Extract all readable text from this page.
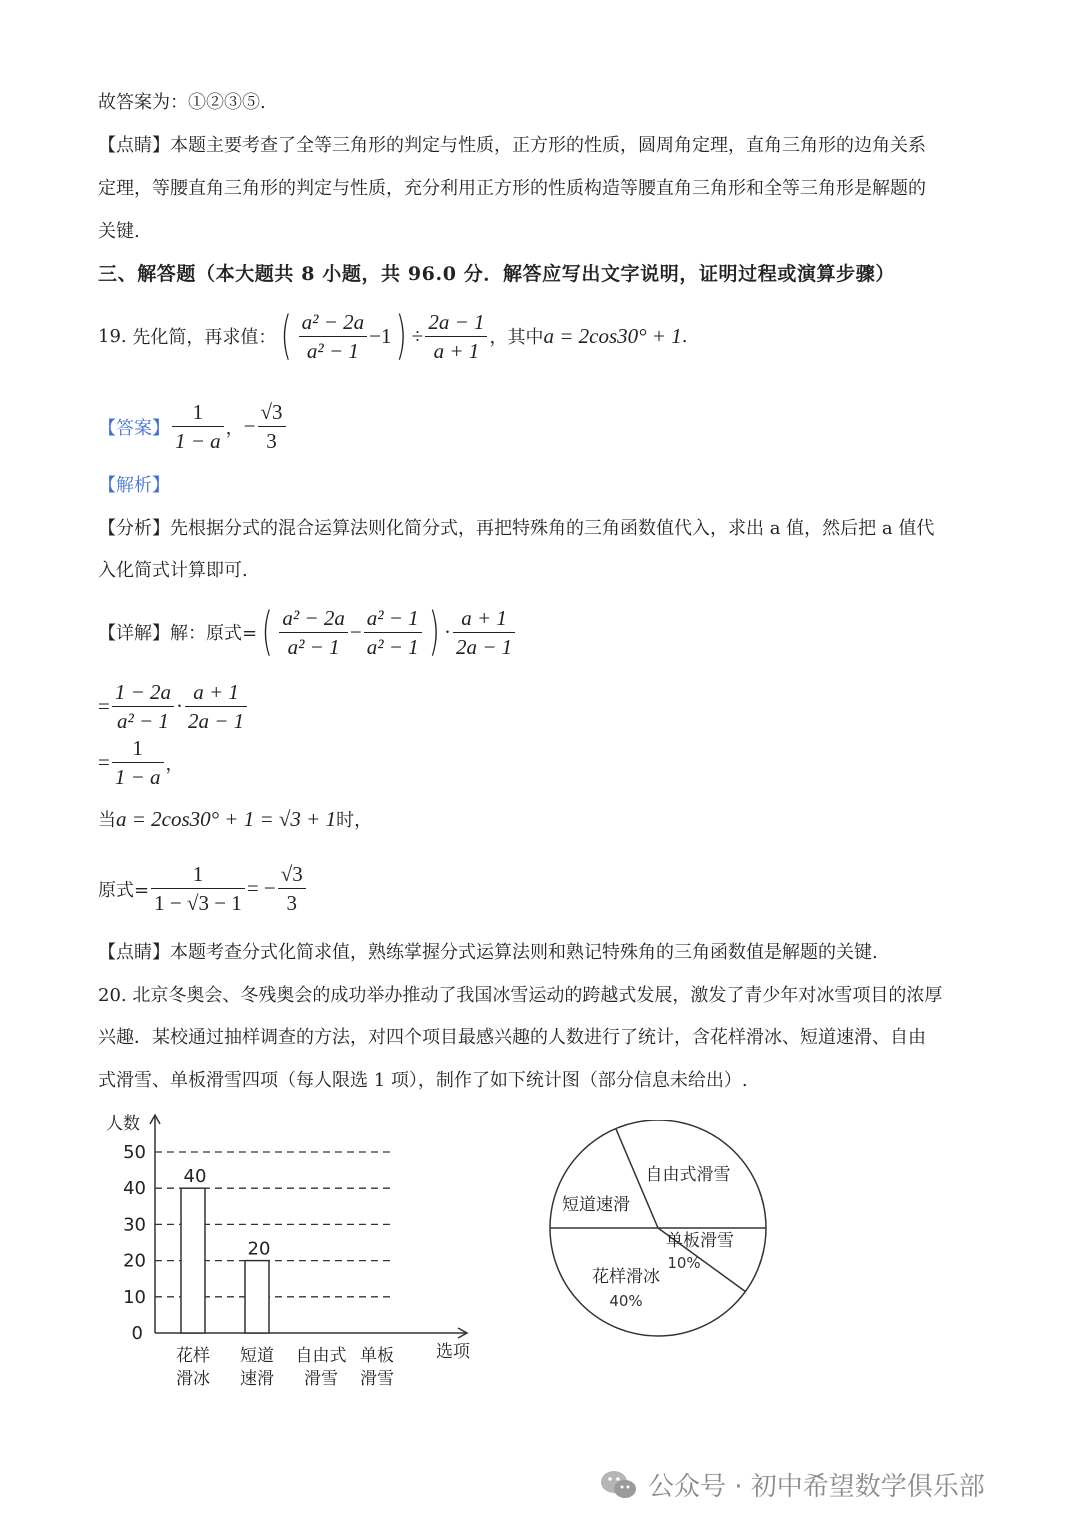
故答案为：①②③⑤.
【点睛】本题主要考查了全等三角形的判定与性质，正方形的性质，圆周角定理，直角三角形的边角关系
定理，等腰直角三角形的判定与性质，充分利用正方形的性质构造等腰直角三角形和全等三角形是解题的
关键.
三、解答题（本大题共 8 小题，共 96.0 分．解答应写出文字说明，证明过程或演算步骤）
19.
先化简，再求值： ( $\frac{\text{a² − 2a}}{\text{a² − 1}} -1$ ) ÷ $\frac{2a - 1}{a + 1}$ ，其中 a = 2cos30° + 1 .
【答案】 $\frac{1}{1 - a}$ ， − $\frac{√3}{3}$
【解析】
【分析】先根据分式的混合运算法则化简分式，再把特殊角的三角函数值代入，求出 a 值，然后把 a 值代
入化简式计算即可.
【详解】 解：原式= ( $\frac{\text{a² − 2a}}{\text{a² − 1}} - \frac{\text{a² − 1}}{\text{a² − 1}}$ ) · $\frac{a + 1}{2a - 1}$
= $\frac{1 - 2a}{\text{a² − 1}} \cdot \frac{a + 1}{2a - 1}$
= $\frac{1}{1 - a}$ ，
当 a = 2cos30° + 1 = √3 + 1 时，
原式= $\frac{1}{1 - √3 - 1}$ = − $\frac{√3}{3}$
【点睛】本题考查分式化简求值，熟练掌握分式运算法则和熟记特殊角的三角函数值是解题的关键.
20. 北京冬奥会、冬残奥会的成功举办推动了我国冰雪运动的跨越式发展，激发了青少年对冰雪项目的浓厚
兴趣．某校通过抽样调查的方法，对四个项目最感兴趣的人数进行了统计，含花样滑冰、短道速滑、自由
式滑雪、单板滑雪四项（每人限选 1 项），制作了如下统计图（部分信息未给出）.
人数
选项
0
10
20
30
40
50
40
花样
滑冰
20
短道
速滑
自由式
滑雪
单板
滑雪
自由式滑雪
短道速滑
单板滑雪
10%
花样滑冰
40%
公众号 · 初中希望数学俱乐部
